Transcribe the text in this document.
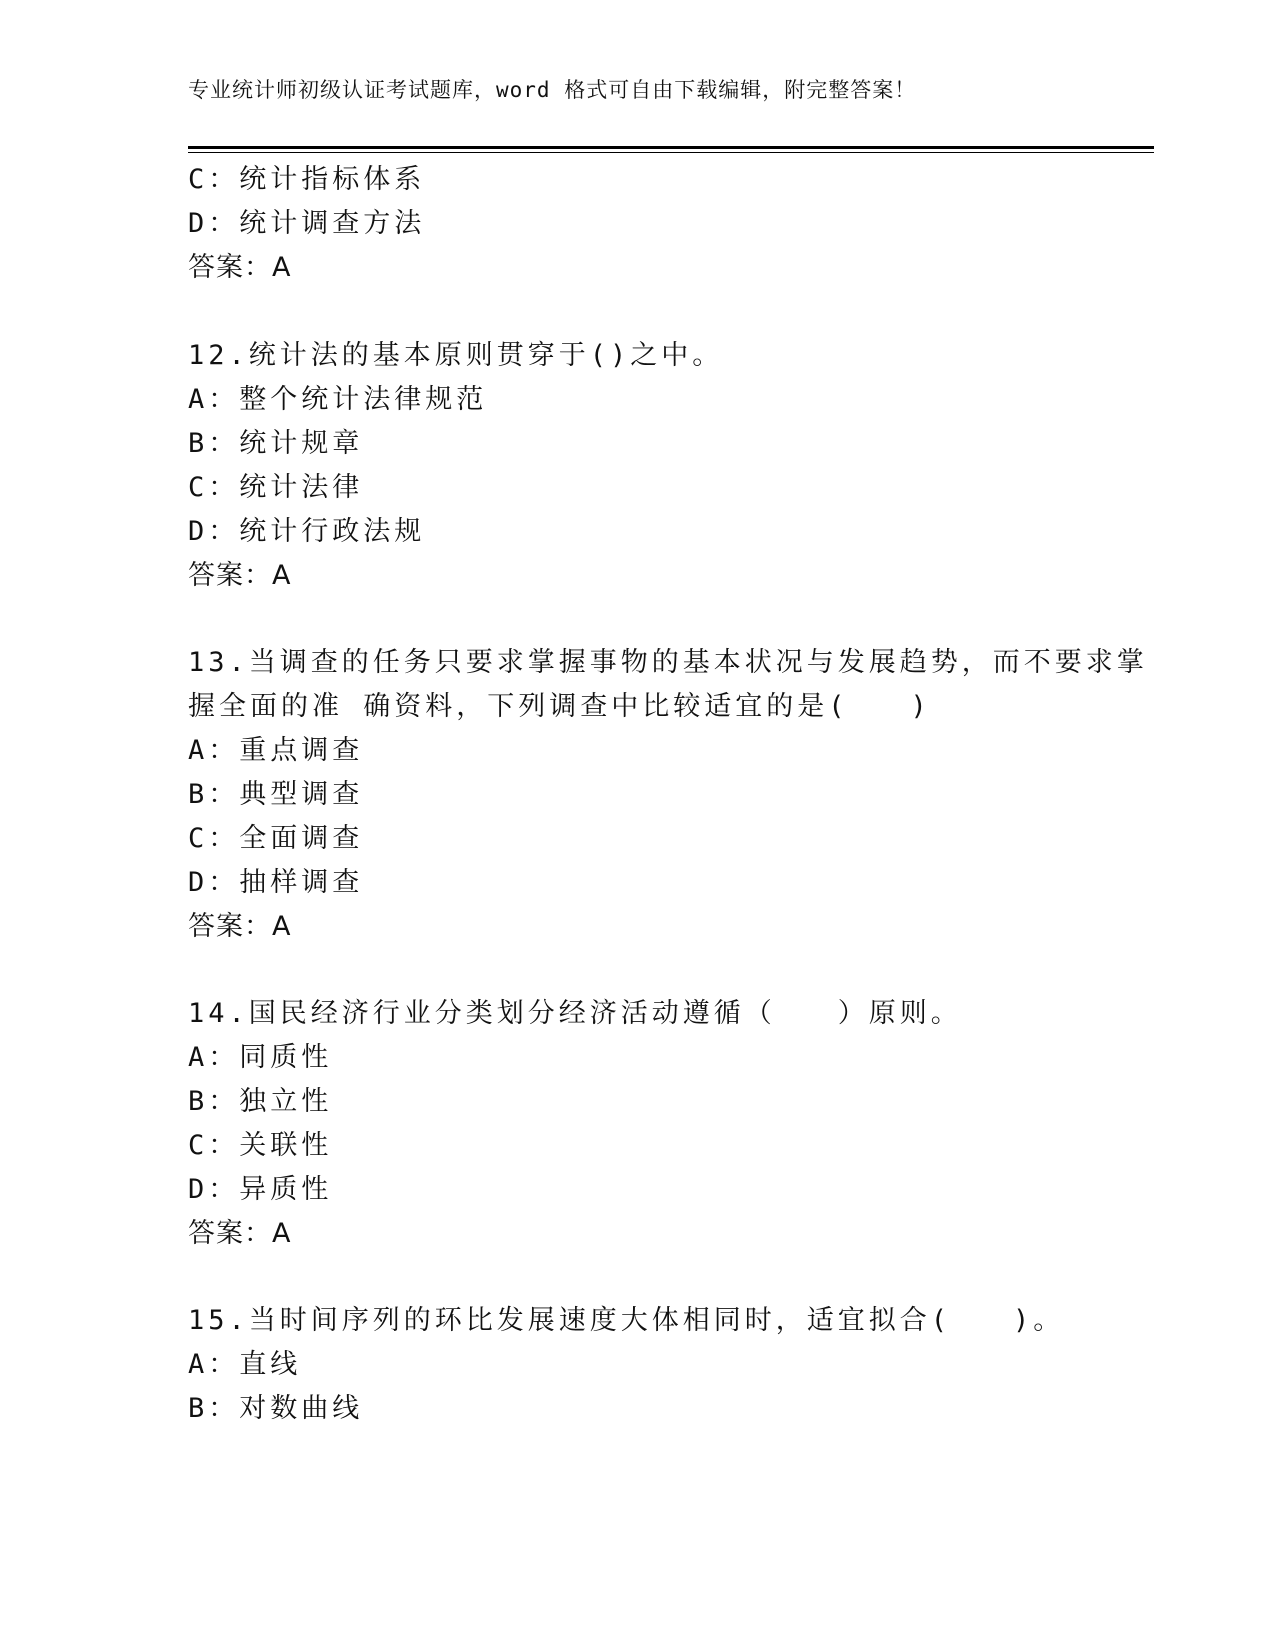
专业统计师初级认证考试题库，word 格式可自由下载编辑，附完整答案！
C：统计指标体系
D：统计调查方法
答案：A
12.统计法的基本原则贯穿于()之中。
A：整个统计法律规范
B：统计规章
C：统计法律
D：统计行政法规
答案：A
13.当调查的任务只要求掌握事物的基本状况与发展趋势，而不要求掌
握全面的准 确资料，下列调查中比较适宜的是(　　)
A：重点调查
B：典型调查
C：全面调查
D：抽样调查
答案：A
14.国民经济行业分类划分经济活动遵循（　　）原则。
A：同质性
B：独立性
C：关联性
D：异质性
答案：A
15.当时间序列的环比发展速度大体相同时，适宜拟合(　　)。
A：直线
B：对数曲线
